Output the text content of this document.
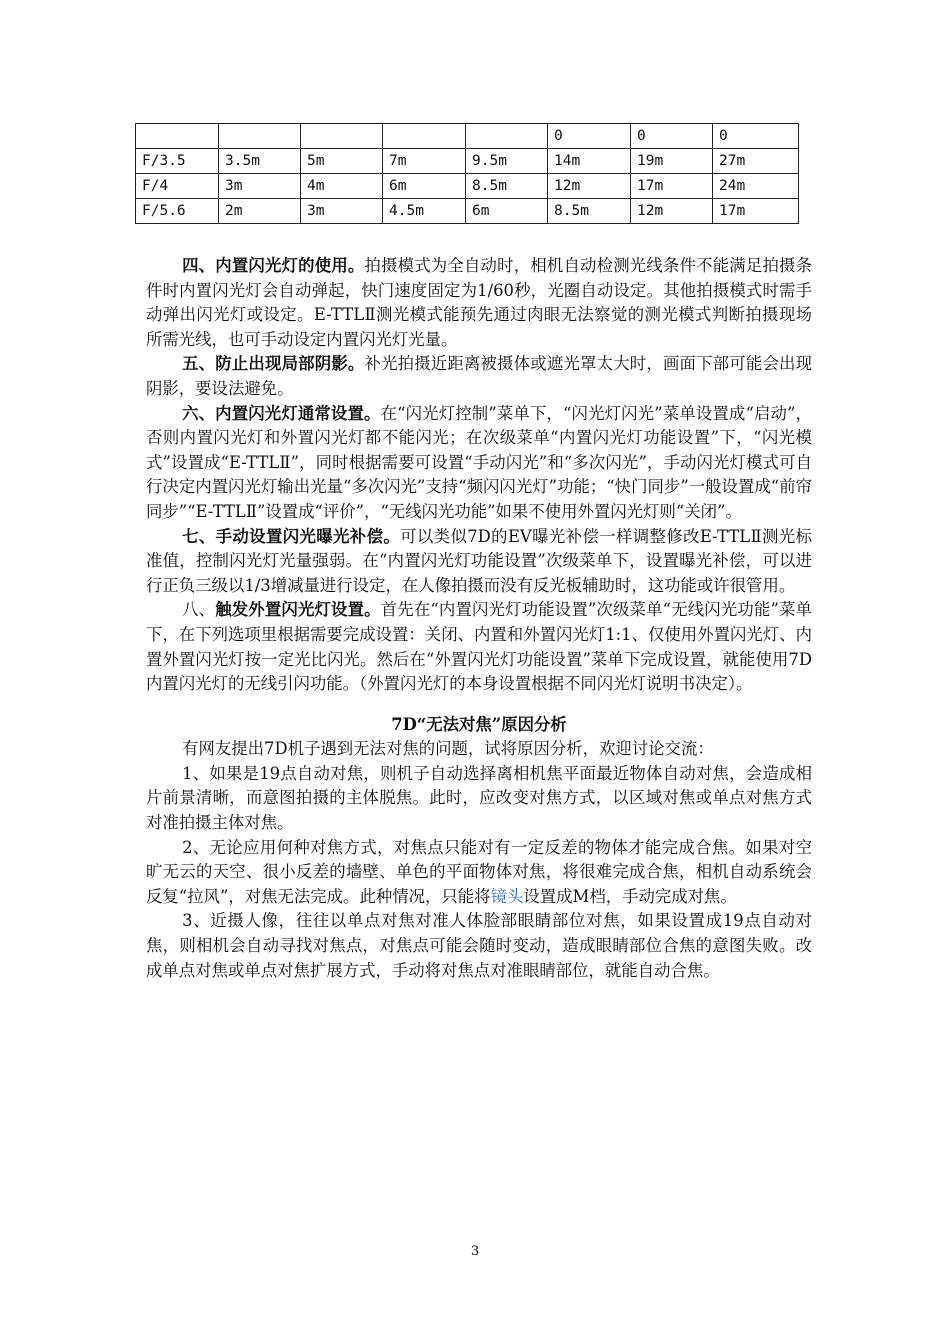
					0	0	0
F/3.5	3.5m	5m	7m	9.5m	14m	19m	27m
F/4	3m	4m	6m	8.5m	12m	17m	24m
F/5.6	2m	3m	4.5m	6m	8.5m	12m	17m

四、内置闪光灯的使用。拍摄模式为全自动时，相机自动检测光线条件不能满足拍摄条件时内置闪光灯会自动弹起，快门速度固定为1/60秒，光圈自动设定。其他拍摄模式时需手动弹出闪光灯或设定。E-TTLⅡ测光模式能预先通过肉眼无法察觉的测光模式判断拍摄现场所需光线，也可手动设定内置闪光灯光量。

五、防止出现局部阴影。补光拍摄近距离被摄体或遮光罩太大时，画面下部可能会出现阴影，要设法避免。

六、内置闪光灯通常设置。在“闪光灯控制”菜单下，“闪光灯闪光”菜单设置成“启动”，否则内置闪光灯和外置闪光灯都不能闪光；在次级菜单“内置闪光灯功能设置”下，“闪光模式”设置成“E-TTLⅡ”，同时根据需要可设置“手动闪光”和“多次闪光”，手动闪光灯模式可自行决定内置闪光灯输出光量“多次闪光”支持“频闪闪光灯”功能；“快门同步”一般设置成“前帘同步”“E-TTLⅡ”设置成“评价”，“无线闪光功能”如果不使用外置闪光灯则“关闭”。

七、手动设置闪光曝光补偿。可以类似7D的EV曝光补偿一样调整修改E-TTLⅡ测光标准值，控制闪光灯光量强弱。在“内置闪光灯功能设置”次级菜单下，设置曝光补偿，可以进行正负三级以1/3增减量进行设定，在人像拍摄而没有反光板辅助时，这功能或许很管用。

八、触发外置闪光灯设置。首先在“内置闪光灯功能设置”次级菜单“无线闪光功能”菜单下，在下列选项里根据需要完成设置：关闭、内置和外置闪光灯1:1、仅使用外置闪光灯、内置外置闪光灯按一定光比闪光。然后在“外置闪光灯功能设置”菜单下完成设置，就能使用7D内置闪光灯的无线引闪功能。（外置闪光灯的本身设置根据不同闪光灯说明书决定）。

7D“无法对焦”原因分析

有网友提出7D机子遇到无法对焦的问题，试将原因分析，欢迎讨论交流：

1、如果是19点自动对焦，则机子自动选择离相机焦平面最近物体自动对焦，会造成相片前景清晰，而意图拍摄的主体脱焦。此时，应改变对焦方式，以区域对焦或单点对焦方式对准拍摄主体对焦。

2、无论应用何种对焦方式，对焦点只能对有一定反差的物体才能完成合焦。如果对空旷无云的天空、很小反差的墙壁、单色的平面物体对焦，将很难完成合焦，相机自动系统会反复“拉风”，对焦无法完成。此种情况，只能将镜头设置成M档，手动完成对焦。

3、近摄人像，往往以单点对焦对准人体脸部眼睛部位对焦，如果设置成19点自动对焦，则相机会自动寻找对焦点，对焦点可能会随时变动，造成眼睛部位合焦的意图失败。改成单点对焦或单点对焦扩展方式，手动将对焦点对准眼睛部位，就能自动合焦。

3
